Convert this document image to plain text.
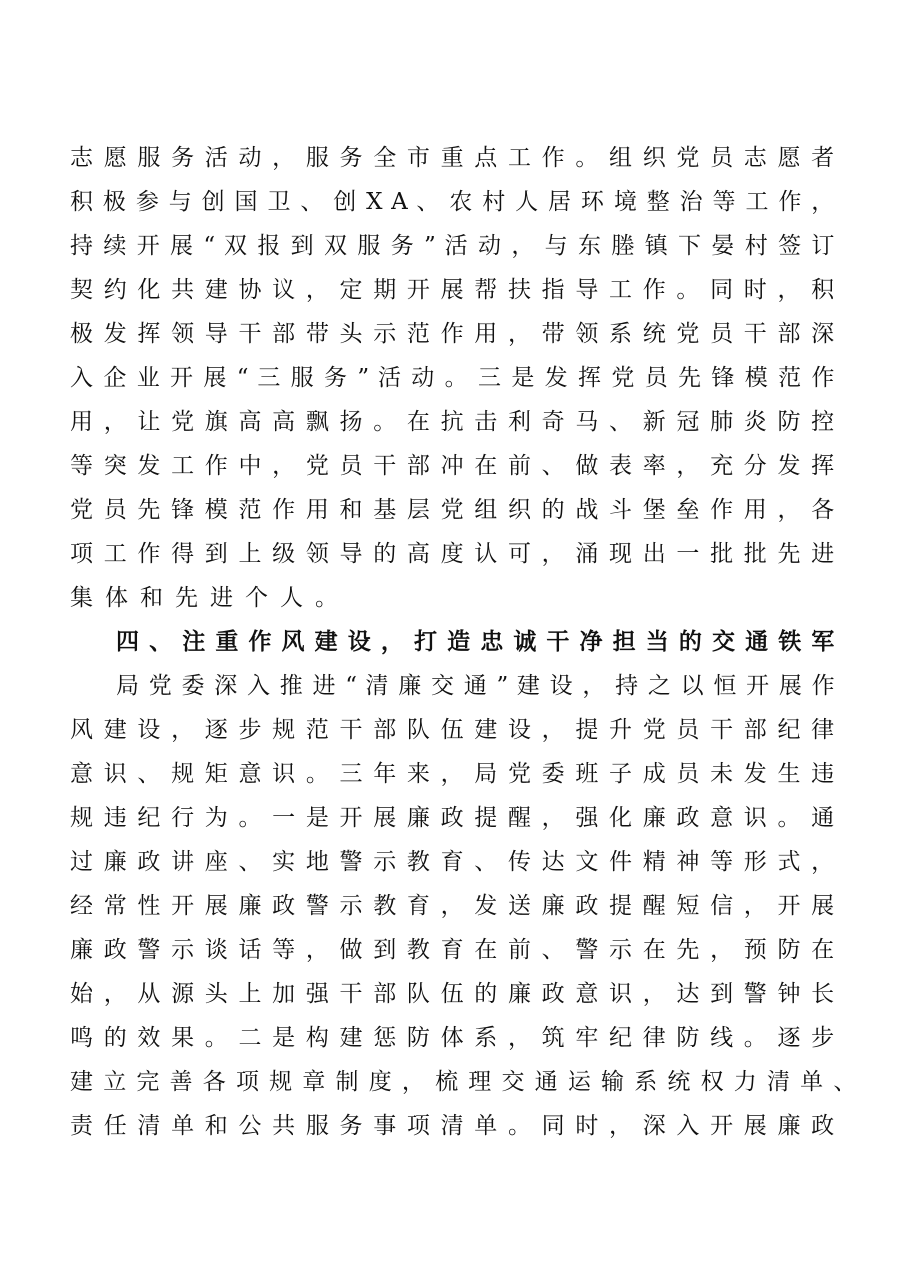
志 愿 服 务 活 动 ， 服 务 全 市 重 点 工 作 。 组 织 党 员 志 愿 者
积 极 参 与 创 国 卫 、 创 X A 、 农 村 人 居 环 境 整 治 等 工 作 ，
持 续 开 展 “ 双 报 到 双 服 务 ” 活 动 ， 与 东 塍 镇 下 晏 村 签 订
契 约 化 共 建 协 议 ， 定 期 开 展 帮 扶 指 导 工 作 。 同 时 ， 积
极 发 挥 领 导 干 部 带 头 示 范 作 用 ， 带 领 系 统 党 员 干 部 深
入 企 业 开 展 “ 三 服 务 ” 活 动 。 三 是 发 挥 党 员 先 锋 模 范 作
用 ， 让 党 旗 高 高 飘 扬 。 在 抗 击 利 奇 马 、 新 冠 肺 炎 防 控
等 突 发 工 作 中 ， 党 员 干 部 冲 在 前 、 做 表 率 ， 充 分 发 挥
党 员 先 锋 模 范 作 用 和 基 层 党 组 织 的 战 斗 堡 垒 作 用 ， 各
项 工 作 得 到 上 级 领 导 的 高 度 认 可 ， 涌 现 出 一 批 批 先 进
集体和先进个人。
四 、 注 重 作 风 建 设 ， 打 造 忠 诚 干 净 担 当 的 交 通 铁 军
局 党 委 深 入 推 进 “ 清 廉 交 通 ” 建 设 ， 持 之 以 恒 开 展 作
风 建 设 ， 逐 步 规 范 干 部 队 伍 建 设 ， 提 升 党 员 干 部 纪 律
意 识 、 规 矩 意 识 。 三 年 来 ， 局 党 委 班 子 成 员 未 发 生 违
规 违 纪 行 为 。 一 是 开 展 廉 政 提 醒 ， 强 化 廉 政 意 识 。 通
过 廉 政 讲 座 、 实 地 警 示 教 育 、 传 达 文 件 精 神 等 形 式 ，
经 常 性 开 展 廉 政 警 示 教 育 ， 发 送 廉 政 提 醒 短 信 ， 开 展
廉 政 警 示 谈 话 等 ， 做 到 教 育 在 前 、 警 示 在 先 ， 预 防 在
始 ， 从 源 头 上 加 强 干 部 队 伍 的 廉 政 意 识 ， 达 到 警 钟 长
鸣 的 效 果 。 二 是 构 建 惩 防 体 系 ， 筑 牢 纪 律 防 线 。 逐 步
建 立 完 善 各 项 规 章 制 度 ， 梳 理 交 通 运 输 系 统 权 力 清 单 、
责 任 清 单 和 公 共 服 务 事 项 清 单 。 同 时 ， 深 入 开 展 廉 政
